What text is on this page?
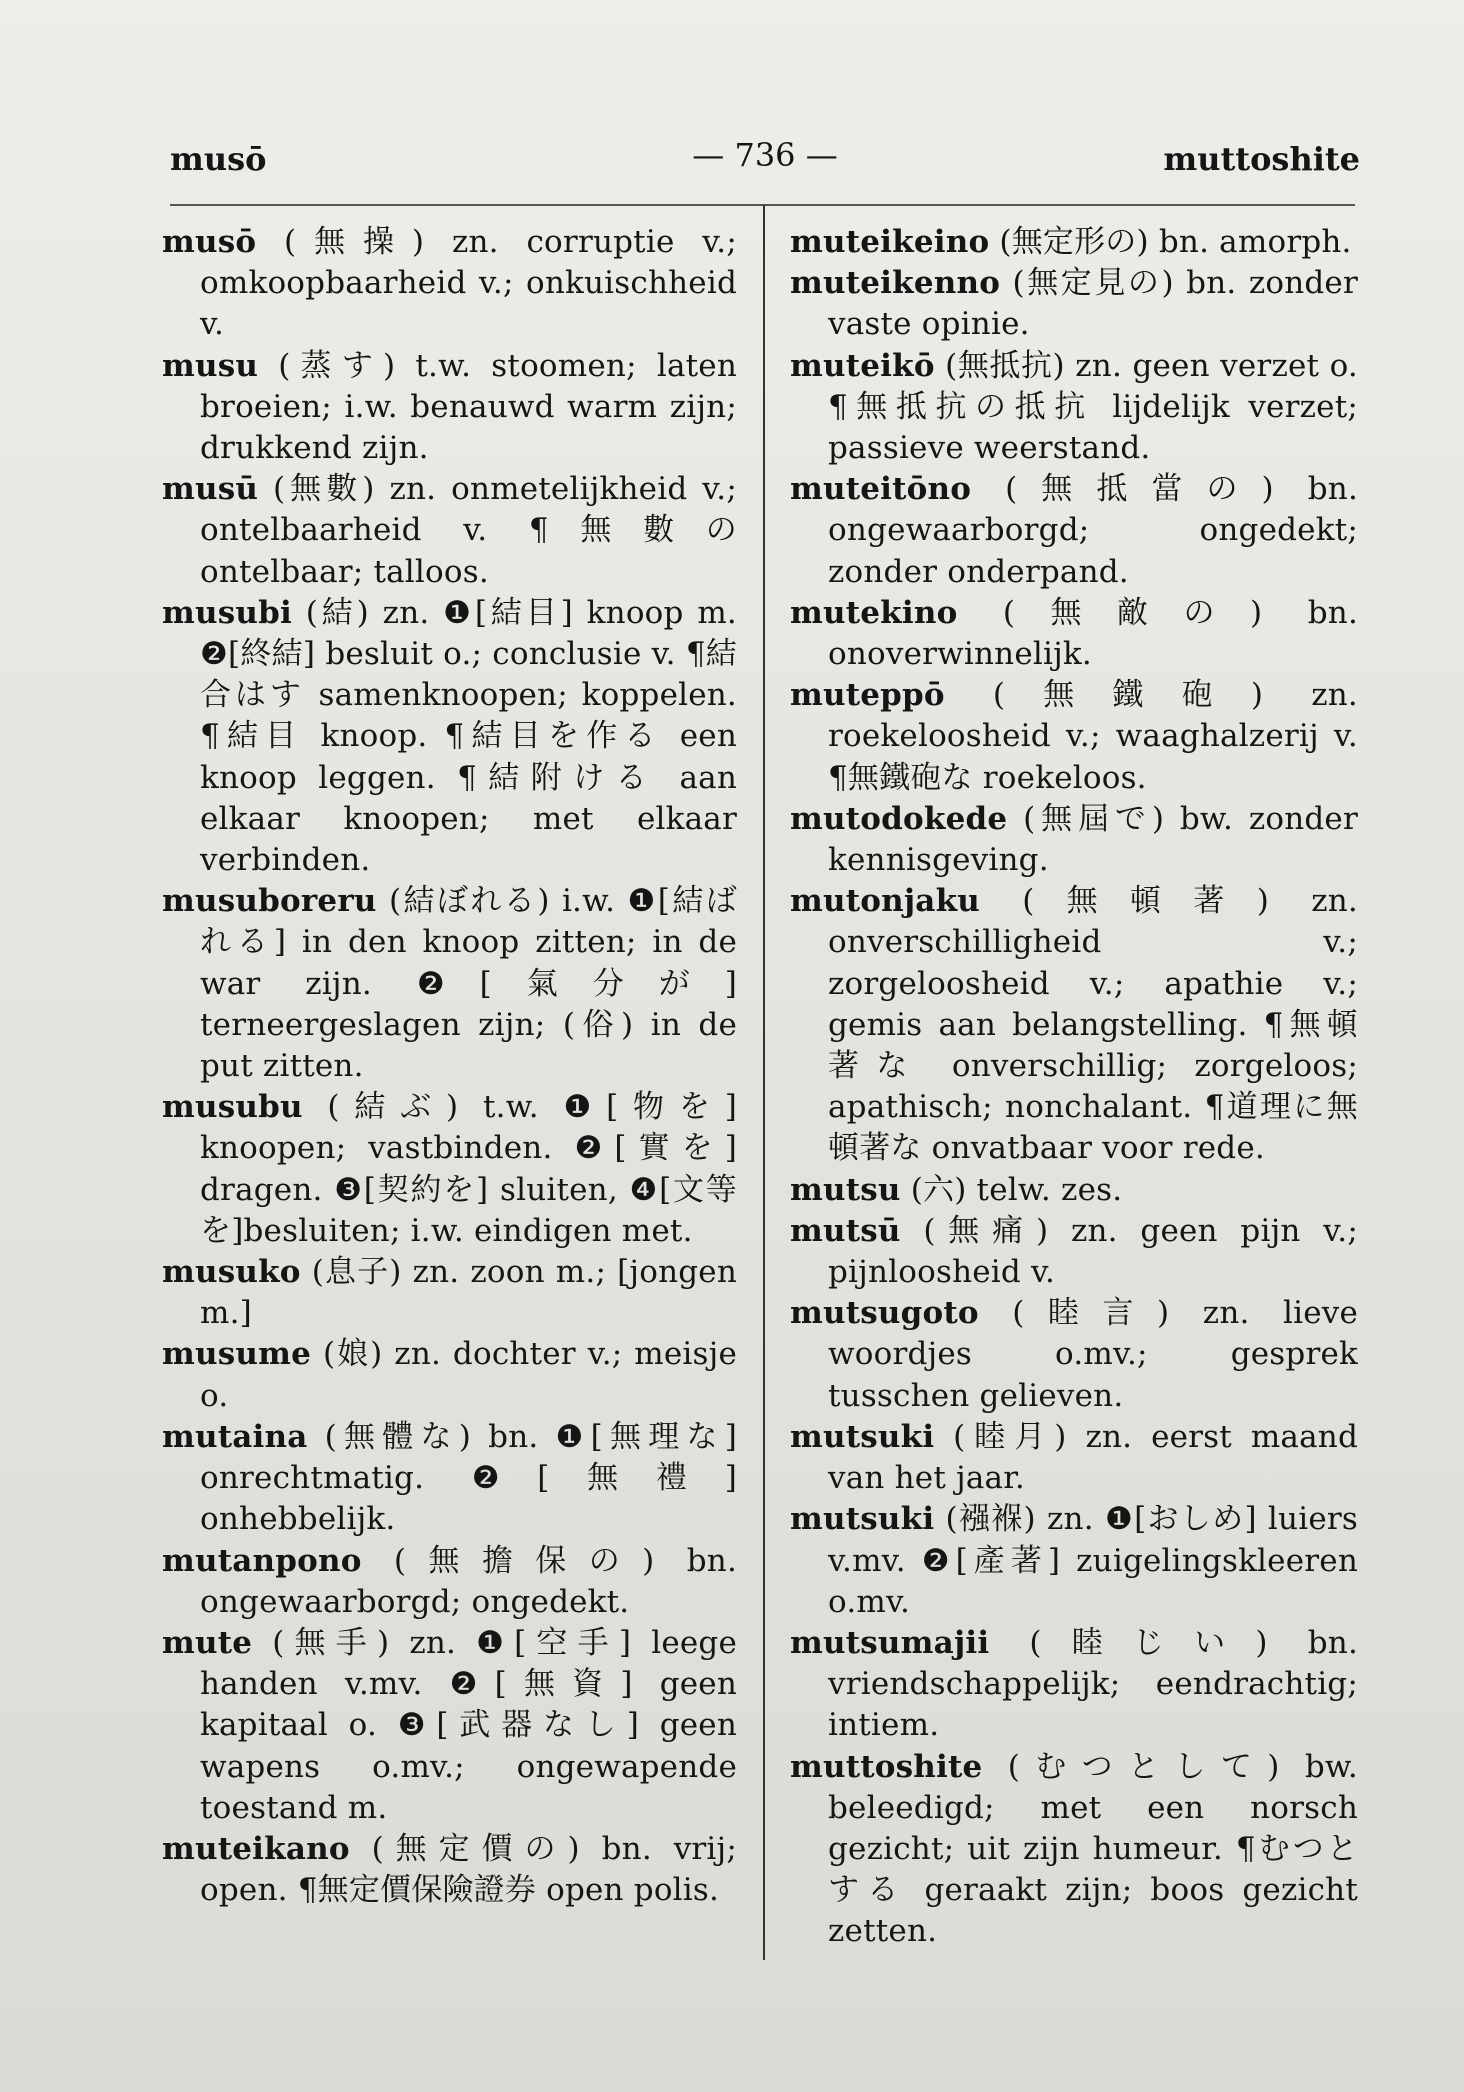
musō	— 736 —	muttoshite
musō (無操) zn. corruptie v.; omkoopbaarheid v.; onkuischheid v.
musu (蒸す) t.w. stoomen; laten broeien; i.w. benauwd warm zijn; drukkend zijn.
musū (無數) zn. onmetelijkheid v.; ontelbaarheid v. ¶無數の ontelbaar; talloos.
musubi (結) zn. ❶[結目] knoop m. ❷[終結] besluit o.; conclusie v. ¶結合はす samenknoopen; koppelen. ¶結目 knoop. ¶結目を作る een knoop leggen. ¶結附ける aan elkaar knoopen; met elkaar verbinden.
musuboreru (結ぼれる) i.w. ❶[結ばれる] in den knoop zitten; in de war zijn. ❷[氣分が] terneergeslagen zijn; (俗) in de put zitten.
musubu (結ぶ) t.w. ❶[物を] knoopen; vastbinden. ❷[實を] dragen. ❸[契約を] sluiten, ❹[文等を]besluiten; i.w. eindigen met.
musuko (息子) zn. zoon m.; [jongen m.]
musume (娘) zn. dochter v.; meisje o.
mutaina (無體な) bn. ❶[無理な] onrechtmatig. ❷[無禮] onhebbelijk.
mutanpono (無擔保の) bn. ongewaarborgd; ongedekt.
mute (無手) zn. ❶[空手] leege handen v.mv. ❷[無資] geen kapitaal o. ❸[武器なし] geen wapens o.mv.; ongewapende toestand m.
muteikano (無定價の) bn. vrij; open. ¶無定價保險證券 open polis.
muteikeino (無定形の) bn. amorph.
muteikenno (無定見の) bn. zonder vaste opinie.
muteikō (無抵抗) zn. geen verzet o. ¶無抵抗の抵抗 lijdelijk verzet; passieve weerstand.
muteitōno (無抵當の) bn. ongewaarborgd; ongedekt; zonder onderpand.
mutekino (無敵の) bn. onoverwinnelijk.
muteppō (無鐵砲) zn. roekeloosheid v.; waaghalzerij v. ¶無鐵砲な roekeloos.
mutodokede (無屆で) bw. zonder kennisgeving.
mutonjaku (無頓著) zn. onverschilligheid v.; zorgeloosheid v.; apathie v.; gemis aan belangstelling. ¶無頓著な onverschillig; zorgeloos; apathisch; nonchalant. ¶道理に無頓著な onvatbaar voor rede.
mutsu (六) telw. zes.
mutsū (無痛) zn. geen pijn v.; pijnloosheid v.
mutsugoto (睦言) zn. lieve woordjes o.mv.; gesprek tusschen gelieven.
mutsuki (睦月) zn. eerst maand van het jaar.
mutsuki (襁褓) zn. ❶[おしめ] luiers v.mv. ❷[產著] zuigelingskleeren o.mv.
mutsumajii (睦じい) bn. vriendschappelijk; eendrachtig; intiem.
muttoshite (むつとして) bw. beleedigd; met een norsch gezicht; uit zijn humeur. ¶むつとする geraakt zijn; boos gezicht zetten.
